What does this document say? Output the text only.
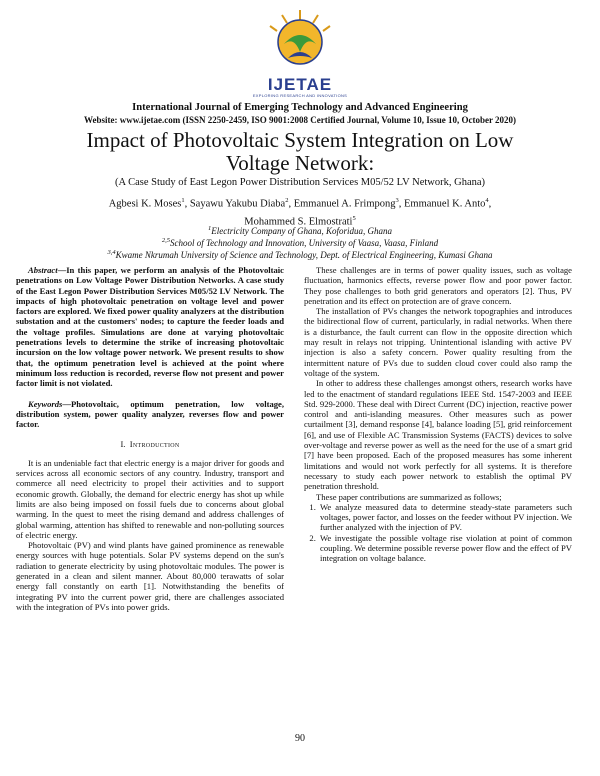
IJETAE
EXPLORING RESEARCH AND INNOVATIONS
International Journal of Emerging Technology and Advanced Engineering
Website: www.ijetae.com (ISSN 2250-2459, ISO 9001:2008 Certified Journal, Volume 10, Issue 10, October 2020)
Impact of Photovoltaic System Integration on Low Voltage Network:
(A Case Study of East Legon Power Distribution Services M05/52 LV Network, Ghana)
Agbesi K. Moses$^1$, Sayawu Yakubu Diaba$^2$, Emmanuel A. Frimpong$^3$, Emmanuel K. Anto$^4$, Mohammed S. Elmostrati$^5$
$^1$Electricity Company of Ghana, Koforidua, Ghana
$^{2,5}$School of Technology and Innovation, University of Vaasa, Vaasa, Finland
$^{3,4}$Kwame Nkrumah University of Science and Technology, Dept. of Electrical Engineering, Kumasi Ghana

Abstract—In this paper, we perform an analysis of the Photovoltaic penetrations on Low Voltage Power Distribution Networks. A case study of the East Legon Power Distribution Services M05/52 LV Network. The impacts of high photovoltaic penetration on voltage level and power factors are explored. We fixed power quality analyzers at the distribution substation and at the customers' nodes; to capture the feeder loads and the voltage profiles. Simulations are done at varying photovoltaic penetrations levels to determine the strike of increasing photovoltaic incursion on the low voltage power network. We present results to show that, the optimum penetration level is achieved at the point where minimum loss reduction is recorded, reverse flow not present and power factor limit is not violated.

Keywords—Photovoltaic, optimum penetration, low voltage, distribution system, power quality analyzer, reverses flow and power factor.

I. Introduction

It is an undeniable fact that electric energy is a major driver for goods and services across all economic sectors of any country. Industry, transport and commerce all need electricity to propel their activities and to support economic growth. Globally, the demand for electric energy has shot up while limits are also being imposed on fossil fuels due to concerns about global warming. In the quest to meet the rising demand and address challenges of global warming, attention has shifted to renewable and non-polluting sources of electric energy.

Photovoltaic (PV) and wind plants have gained prominence as renewable energy sources with huge potentials. Solar PV systems depend on the sun's radiation to generate electricity by using photovoltaic modules. The power is generated in a clean and silent manner. About 80,000 terawatts of solar energy fall constantly on earth [1]. Notwithstanding the benefits of integrating PV into the current power grid, there are challenges associated with the integration of PVs into power grids.

These challenges are in terms of power quality issues, such as voltage fluctuation, harmonics effects, reverse power flow and poor power factor. They pose challenges to both grid generators and operators [2]. Thus, PV penetration and its effect on protection are of grave concern.

The installation of PVs changes the network topographies and introduces the bidirectional flow of current, particularly, in radial networks. When there is a disturbance, the fault current can flow in the opposite direction which may result in relays not tripping. Unintentional islanding with active PV injection is also a safety concern. Power quality resulting from the intermittent nature of PVs due to sudden cloud cover could also ramp the voltage of the system.

In other to address these challenges amongst others, research works have led to the enactment of standard regulations IEEE Std. 1547-2003 and IEEE Std. 929-2000. These deal with Direct Current (DC) injection, reactive power control and anti-islanding measures. Other measures such as power curtailment [3], demand response [4], balance loading [5], grid reinforcement [6], and use of Flexible AC Transmission Systems (FACTS) devices to solve over-voltage and reverse power as well as the need for the use of a smart grid [7] have been proposed. Each of the proposed measures has some inherent limitations and would not work perfectly for all systems. It is therefore necessary to study each power network to establish the optimal PV penetration threshold.

These paper contributions are summarized as follows;

1. We analyze measured data to determine steady-state parameters such voltages, power factor, and losses on the feeder without PV injection. We further analyzed with the injection of PV.
2. We investigate the possible voltage rise violation at point of common coupling. We determine possible reverse power flow and the effect of PV integration on voltage balance.
90
